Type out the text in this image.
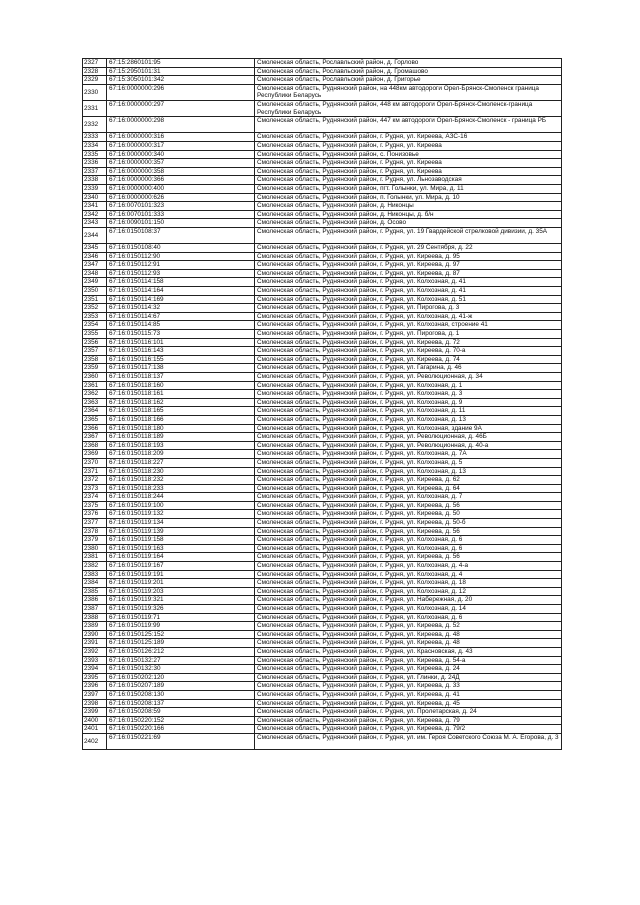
2327	67:15:2860101:95	Смоленская область, Рославльский район, д. Горлово
2328	67:15:2950101:31	Смоленская область, Рославльский район, д. Громашово
2329	67:15:3050101:342	Смоленская область, Рославльский район, д. Григорье
2330	67:16:0000000:296	Смоленская область, Руднянский район, на 448км автодороги Орел-Брянск-Смоленск граница Республики Беларусь
2331	67:16:0000000:297	Смоленская область, Руднянский район, 448 км автодороги Орел-Брянск-Смоленск-граница Республики Беларусь
2332	67:16:0000000:298	Смоленская область, Руднянский район, 447 км автодороги Орел-Брянск-Смоленск - граница РБ
2333	67:16:0000000:316	Смоленская область, Руднянский район, г. Рудня, ул. Киреева, АЗС-16
2334	67:16:0000000:317	Смоленская область, Руднянский район, г. Рудня, ул. Киреева
2335	67:16:0000000:340	Смоленская область, Руднянский район, с. Понизовье
2336	67:16:0000000:357	Смоленская область, Руднянский район, г. Рудня, ул. Киреева
2337	67:16:0000000:358	Смоленская область, Руднянский район, г. Рудня, ул. Киреева
2338	67:16:0000000:366	Смоленская область, Руднянский район, г. Рудня, ул. Льнозаводская
2339	67:16:0000000:400	Смоленская область, Руднянский район, пгт. Голынки, ул. Мира, д. 11
2340	67:16:0000000:626	Смоленская область, Руднянский район, п. Голынки, ул. Мира, д. 10
2341	67:16:0070101:323	Смоленская область, Руднянский район, д. Никонцы
2342	67:16:0070101:333	Смоленская область, Руднянский район, д. Никонцы, д. б/н
2343	67:16:0090101:150	Смоленская область, Руднянский район, д. Осово
2344	67:16:0150108:37	Смоленская область, Руднянский район, г. Рудня, ул. 19 Гвардейской стрелковой дивизии, д. 35А
2345	67:16:0150108:40	Смоленская область, Руднянский район, г. Рудня, ул. 29 Сентября, д. 22
2346	67:16:0150112:90	Смоленская область, Руднянский район, г. Рудня, ул. Киреева, д. 95
2347	67:16:0150112:91	Смоленская область, Руднянский район, г. Рудня, ул. Киреева, д. 97
2348	67:16:0150112:93	Смоленская область, Руднянский район, г. Рудня, ул. Киреева, д. 87
2349	67:16:0150114:158	Смоленская область, Руднянский район, г. Рудня, ул. Колхозная, д. 41
2350	67:16:0150114:164	Смоленская область, Руднянский район, г. Рудня, ул. Колхозная, д. 41
2351	67:16:0150114:169	Смоленская область, Руднянский район, г. Рудня, ул. Колхозная, д. 51
2352	67:16:0150114:32	Смоленская область, Руднянский район, г. Рудня, ул. Пирогова, д. 3
2353	67:16:0150114:67	Смоленская область, Руднянский район, г. Рудня, ул. Колхозная, д. 41-ж
2354	67:16:0150114:85	Смоленская область, Руднянский район, г. Рудня, ул. Колхозная, строение 41
2355	67:16:0150115:73	Смоленская область, Руднянский район, г. Рудня, ул. Пирогова, д. 1
2356	67:16:0150116:101	Смоленская область, Руднянский район, г. Рудня, ул. Киреева, д. 72
2357	67:16:0150116:143	Смоленская область, Руднянский район, г. Рудня, ул. Киреева, д. 70-а
2358	67:16:0150116:155	Смоленская область, Руднянский район, г. Рудня, ул. Киреева, д. 74
2359	67:16:0150117:138	Смоленская область, Руднянский район, г. Рудня, ул. Гагарина, д. 46
2360	67:16:0150118:137	Смоленская область, Руднянский район, г. Рудня, ул. Революционная, д. 34
2361	67:16:0150118:160	Смоленская область, Руднянский район, г. Рудня, ул. Колхозная, д. 1
2362	67:16:0150118:161	Смоленская область, Руднянский район, г. Рудня, ул. Колхозная, д. 3
2363	67:16:0150118:162	Смоленская область, Руднянский район, г. Рудня, ул. Колхозная, д. 9
2364	67:16:0150118:165	Смоленская область, Руднянский район, г. Рудня, ул. Колхозная, д. 11
2365	67:16:0150118:166	Смоленская область, Руднянский район, г. Рудня, ул. Колхозная, д. 13
2366	67:16:0150118:180	Смоленская область, Руднянский район, г. Рудня, ул. Колхозная, здание 9А
2367	67:16:0150118:189	Смоленская область, Руднянский район, г. Рудня, ул. Революционная, д. 46Б
2368	67:16:0150118:193	Смоленская область, Руднянский район, г. Рудня, ул. Революционная, д. 40-а
2369	67:16:0150118:209	Смоленская область, Руднянский район, г. Рудня, ул. Колхозная, д. 7А
2370	67:16:0150118:227	Смоленская область, Руднянский район, г. Рудня, ул. Колхозная, д. 5
2371	67:16:0150118:230	Смоленская область, Руднянский район, г. Рудня, ул. Колхозная, д. 13
2372	67:16:0150118:232	Смоленская область, Руднянский район, г. Рудня, ул. Киреева, д. 62
2373	67:16:0150118:233	Смоленская область, Руднянский район, г. Рудня, ул. Киреева, д. 64
2374	67:16:0150118:244	Смоленская область, Руднянский район, г. Рудня, ул. Колхозная, д. 7
2375	67:16:0150119:100	Смоленская область, Руднянский район, г. Рудня, ул. Киреева, д. 56
2376	67:16:0150119:132	Смоленская область, Руднянский район, г. Рудня, ул. Киреева, д. 50
2377	67:16:0150119:134	Смоленская область, Руднянский район, г. Рудня, ул. Киреева, д. 50-б
2378	67:16:0150119:139	Смоленская область, Руднянский район, г. Рудня, ул. Киреева, д. 56
2379	67:16:0150119:158	Смоленская область, Руднянский район, г. Рудня, ул. Колхозная, д. 6
2380	67:16:0150119:163	Смоленская область, Руднянский район, г. Рудня, ул. Колхозная, д. 6
2381	67:16:0150119:164	Смоленская область, Руднянский район, г. Рудня, ул. Киреева, д. 56
2382	67:16:0150119:167	Смоленская область, Руднянский район, г. Рудня, ул. Колхозная, д. 4-а
2383	67:16:0150119:191	Смоленская область, Руднянский район, г. Рудня, ул. Колхозная, д. 4
2384	67:16:0150119:201	Смоленская область, Руднянский район, г. Рудня, ул. Колхозная, д. 18
2385	67:16:0150119:203	Смоленская область, Руднянский район, г. Рудня, ул. Колхозная, д. 12
2386	67:16:0150119:321	Смоленская область, Руднянский район, г. Рудня, ул. Набережная, д. 20
2387	67:16:0150119:326	Смоленская область, Руднянский район, г. Рудня, ул. Колхозная, д. 14
2388	67:16:0150119:71	Смоленская область, Руднянский район, г. Рудня, ул. Колхозная, д. 6
2389	67:16:0150119:99	Смоленская область, Руднянский район, г. Рудня, ул. Киреева, д. 52
2390	67:16:0150125:152	Смоленская область, Руднянский район, г. Рудня, ул. Киреева, д. 48
2391	67:16:0150125:189	Смоленская область, Руднянский район, г. Рудня, ул. Киреева, д. 48
2392	67:16:0150126:212	Смоленская область, Руднянский район, г. Рудня, ул. Красновская, д. 43
2393	67:16:0150132:27	Смоленская область, Руднянский район, г. Рудня, ул. Киреева, д. 54-а
2394	67:16:0150132:30	Смоленская область, Руднянский район, г. Рудня, ул. Киреева, д. 24
2395	67:16:0150202:120	Смоленская область, Руднянский район, г. Рудня, ул. Глинки, д. 24Д
2396	67:16:0150207:189	Смоленская область, Руднянский район, г. Рудня, ул. Киреева, д. 33
2397	67:16:0150208:130	Смоленская область, Руднянский район, г. Рудня, ул. Киреева, д. 41
2398	67:16:0150208:137	Смоленская область, Руднянский район, г. Рудня, ул. Киреева, д. 45
2399	67:16:0150208:59	Смоленская область, Руднянский район, г. Рудня, ул. Пролетарская, д. 24
2400	67:16:0150220:152	Смоленская область, Руднянский район, г. Рудня, ул. Киреева, д. 79
2401	67:16:0150220:166	Смоленская область, Руднянский район, г. Рудня, ул. Киреева, д. 79/2
2402	67:16:0150221:69	Смоленская область, Руднянский район, г. Рудня, ул. им. Героя Советского Союза М. А. Егорова, д. 3
